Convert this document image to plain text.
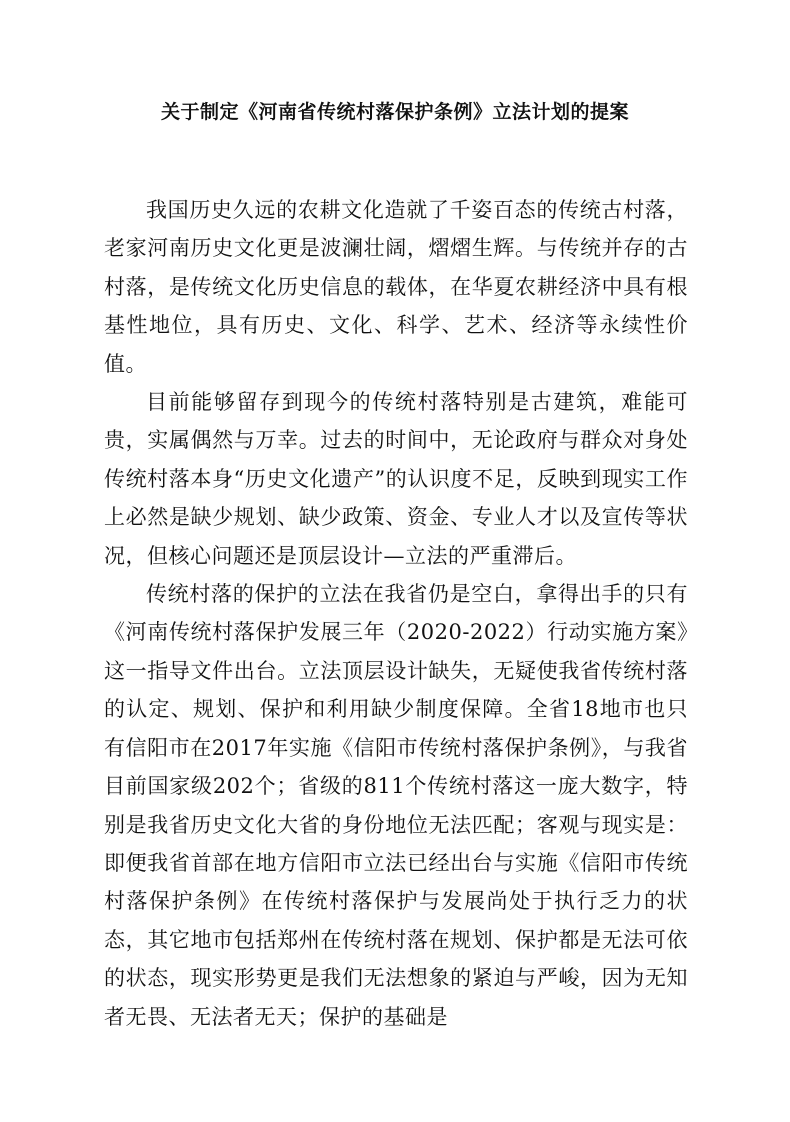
关于制定《河南省传统村落保护条例》立法计划的提案

我国历史久远的农耕文化造就了千姿百态的传统古村落，老家河南历史文化更是波澜壮阔，熠熠生辉。与传统并存的古村落，是传统文化历史信息的载体，在华夏农耕经济中具有根基性地位，具有历史、文化、科学、艺术、经济等永续性价值。

目前能够留存到现今的传统村落特别是古建筑，难能可贵，实属偶然与万幸。过去的时间中，无论政府与群众对身处传统村落本身“历史文化遗产”的认识度不足，反映到现实工作上必然是缺少规划、缺少政策、资金、专业人才以及宣传等状况，但核心问题还是顶层设计—立法的严重滞后。

传统村落的保护的立法在我省仍是空白，拿得出手的只有《河南传统村落保护发展三年（2020-2022）行动实施方案》这一指导文件出台。立法顶层设计缺失，无疑使我省传统村落的认定、规划、保护和利用缺少制度保障。全省18地市也只有信阳市在2017年实施《信阳市传统村落保护条例》，与我省目前国家级202个；省级的811个传统村落这一庞大数字，特别是我省历史文化大省的身份地位无法匹配；客观与现实是：即便我省首部在地方信阳市立法已经出台与实施《信阳市传统村落保护条例》在传统村落保护与发展尚处于执行乏力的状态，其它地市包括郑州在传统村落在规划、保护都是无法可依的状态，现实形势更是我们无法想象的紧迫与严峻，因为无知者无畏、无法者无天；保护的基础是
